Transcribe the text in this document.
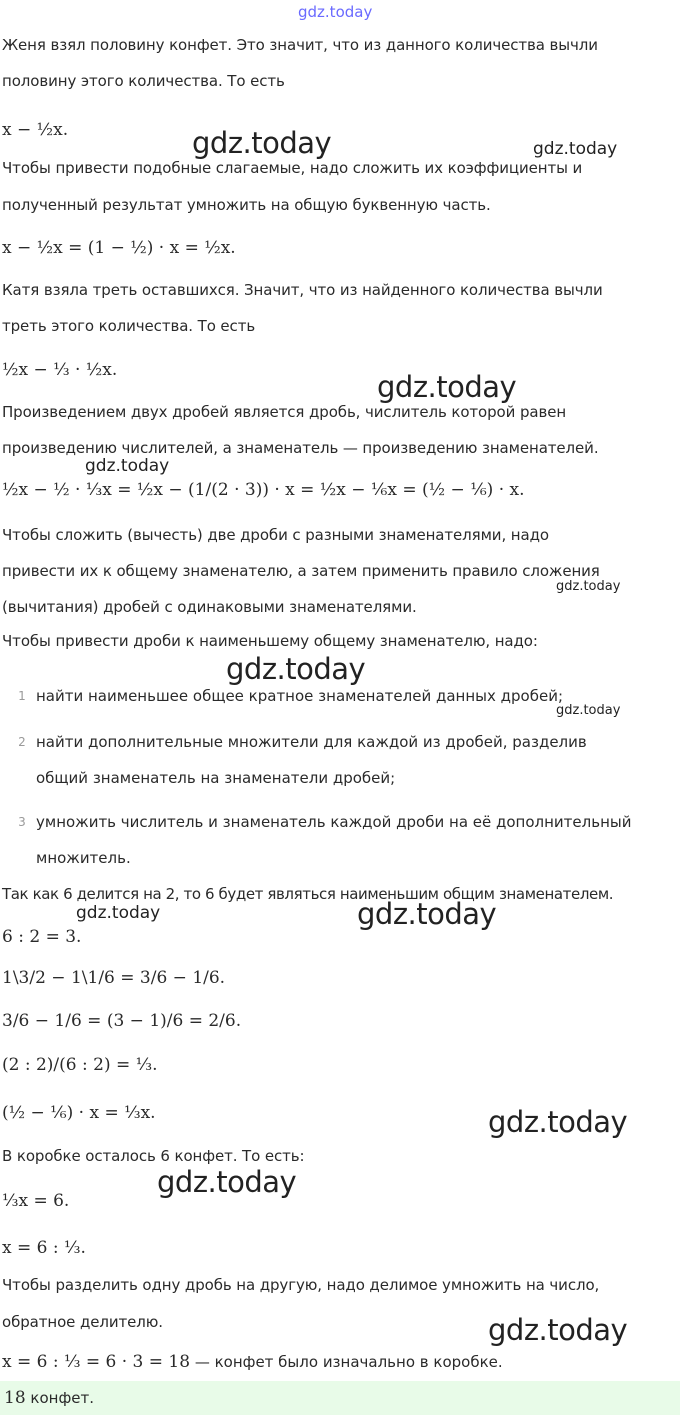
gdz.today
Женя взял половину конфет. Это значит, что из данного количества вычли
половину этого количества. То есть
x − ½x.	gdz.today	gdz.today
Чтобы привести подобные слагаемые, надо сложить их коэффициенты и
полученный результат умножить на общую буквенную часть.
x − ½x = (1 − ½) · x = ½x.
Катя взяла треть оставшихся. Значит, что из найденного количества вычли
треть этого количества. То есть
½x − ⅓ · ½x.	gdz.today
Произведением двух дробей является дробь, числитель которой равен
произведению числителей, а знаменатель — произведению знаменателей.
½x − ½ · ⅓x = ½x − (1/(2 · 3)) · x = ½x − ⅙x = (½ − ⅙) · x.
gdz.today
Чтобы сложить (вычесть) две дроби с разными знаменателями, надо
привести их к общему знаменателю, а затем применить правило сложения
(вычитания) дробей с одинаковыми знаменателями.
gdz.today
Чтобы привести дроби к наименьшему общему знаменателю, надо:
gdz.today
1 найти наименьшее общее кратное знаменателей данных дробей;
gdz.today
2 найти дополнительные множители для каждой из дробей, разделив
общий знаменатель на знаменатели дробей;
3 умножить числитель и знаменатель каждой дроби на её дополнительный
множитель.
Так как 6 делится на 2, то 6 будет являться наименьшим общим знаменателем.
gdz.today	gdz.today
6 : 2 = 3.
1\3/2 − 1\1/6 = 3/6 − 1/6.
3/6 − 1/6 = (3 − 1)/6 = 2/6.
(2 : 2)/(6 : 2) = ⅓.
(½ − ⅙) · x = ⅓x.	gdz.today
В коробке осталось 6 конфет. То есть:
gdz.today
⅓x = 6.
x = 6 : ⅓.
Чтобы разделить одну дробь на другую, надо делимое умножить на число,
обратное делителю.	gdz.today
x = 6 : ⅓ = 6 · 3 = 18 — конфет было изначально в коробке.
18 конфет.
